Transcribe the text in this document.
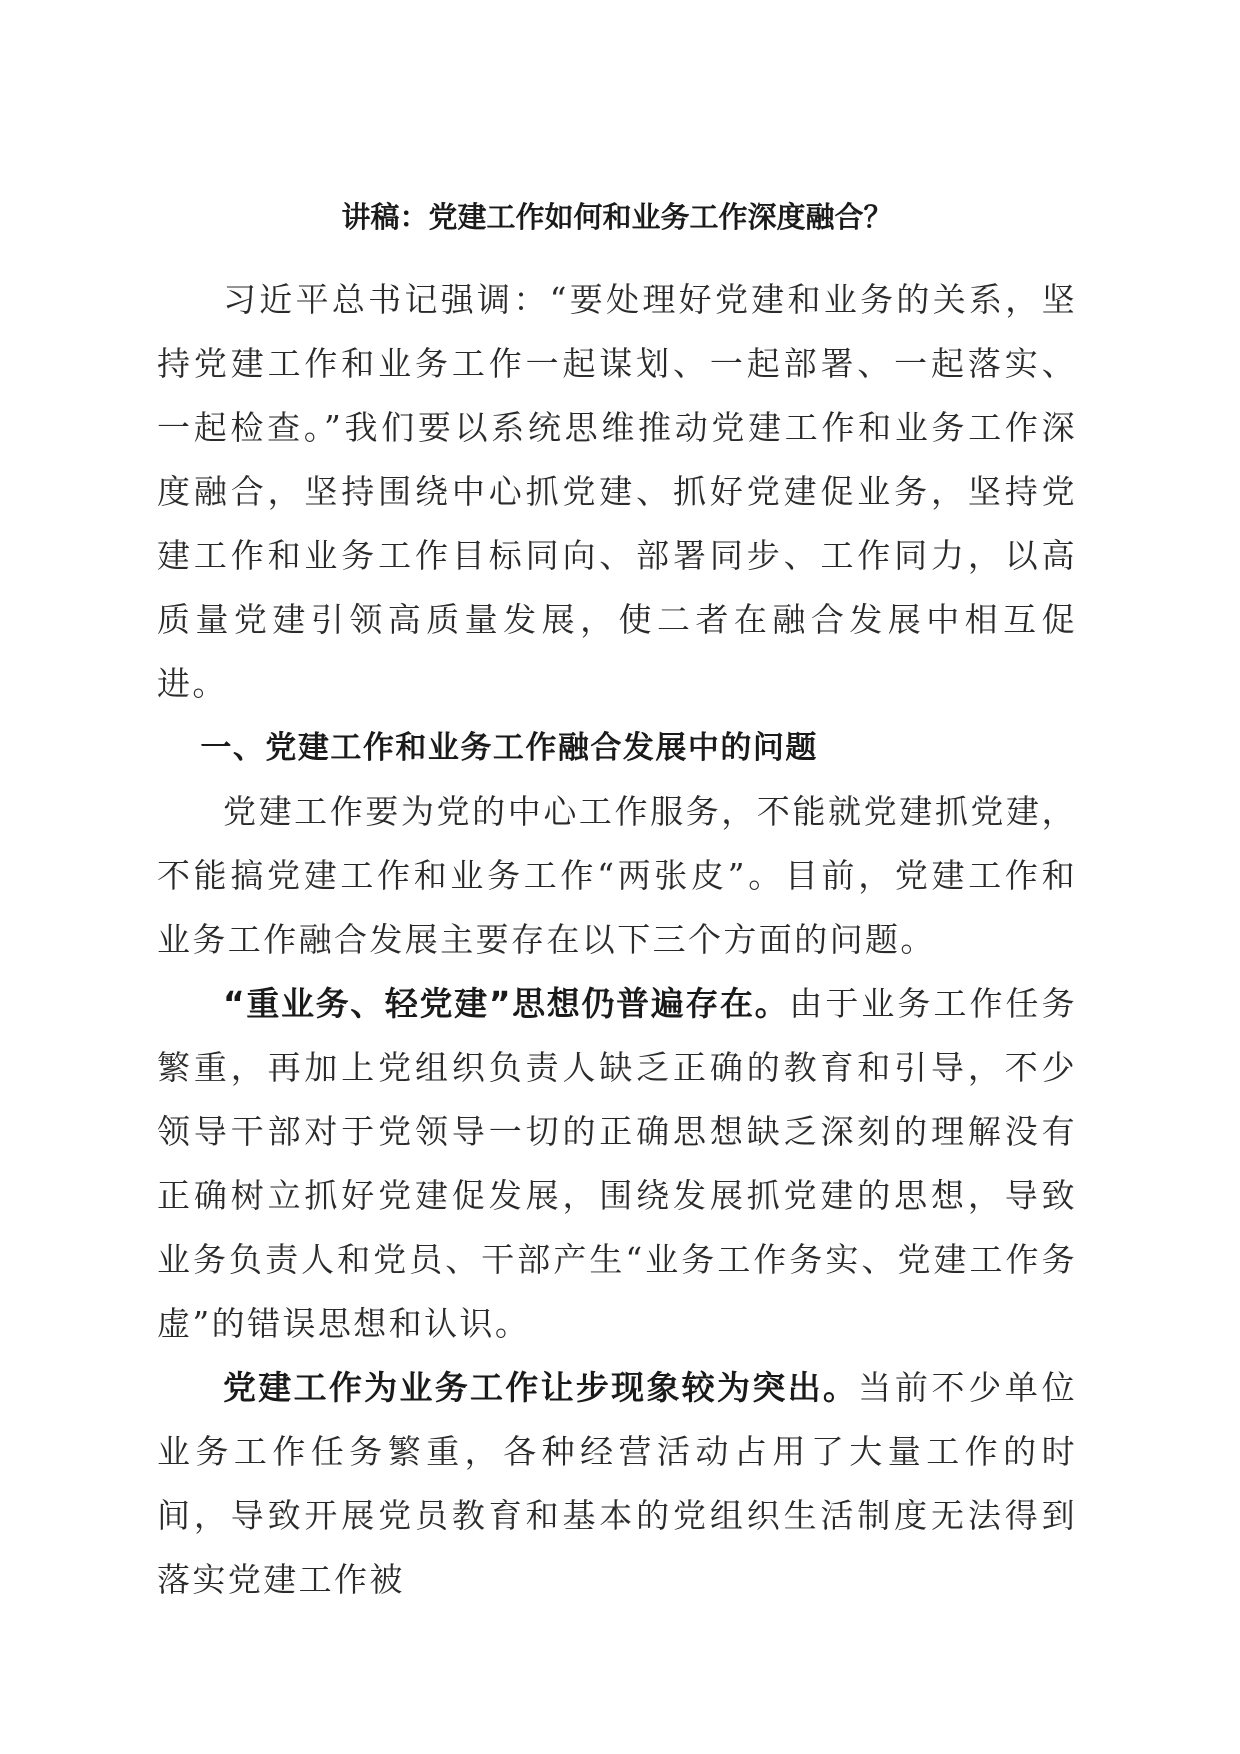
讲稿：党建工作如何和业务工作深度融合？

习近平总书记强调：“要处理好党建和业务的关系，坚持党建工作和业务工作一起谋划、一起部署、一起落实、一起检查。”我们要以系统思维推动党建工作和业务工作深度融合，坚持围绕中心抓党建、抓好党建促业务，坚持党建工作和业务工作目标同向、部署同步、工作同力，以高质量党建引领高质量发展，使二者在融合发展中相互促进。

一、党建工作和业务工作融合发展中的问题

党建工作要为党的中心工作服务，不能就党建抓党建，不能搞党建工作和业务工作“两张皮”。目前，党建工作和业务工作融合发展主要存在以下三个方面的问题。

“重业务、轻党建”思想仍普遍存在。由于业务工作任务繁重，再加上党组织负责人缺乏正确的教育和引导，不少领导干部对于党领导一切的正确思想缺乏深刻的理解没有正确树立抓好党建促发展，围绕发展抓党建的思想，导致业务负责人和党员、干部产生“业务工作务实、党建工作务虚”的错误思想和认识。

党建工作为业务工作让步现象较为突出。当前不少单位业务工作任务繁重，各种经营活动占用了大量工作的时间，导致开展党员教育和基本的党组织生活制度无法得到落实党建工作被
